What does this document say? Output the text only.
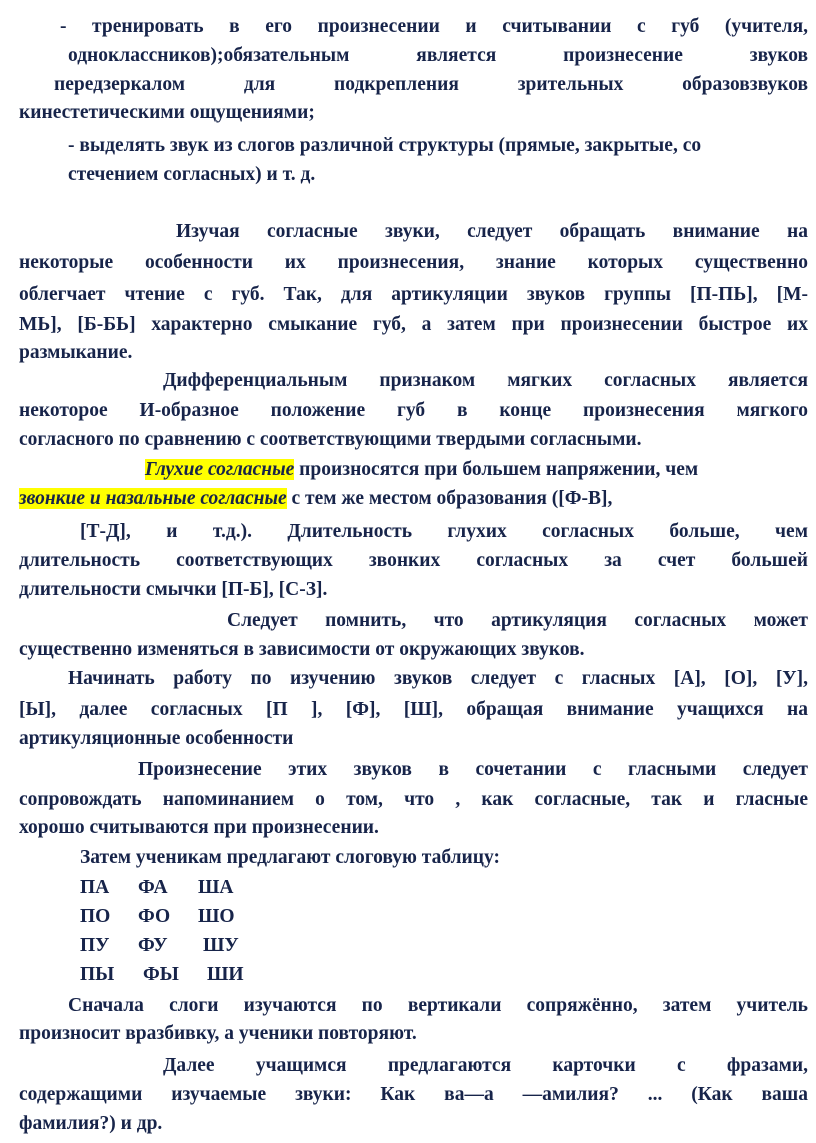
- тренировать в его произнесении и считывании с губ (учителя,
одноклассников);обязательным является произнесение звуков
передзеркалом для подкрепления зрительных образовзвуков
кинестетическими ощущениями;
- выделять звук из слогов различной структуры (прямые, закрытые, со
стечением согласных) и т. д.
Изучая согласные звуки, следует обращать внимание на
некоторые особенности их произнесения, знание которых существенно
облегчает чтение с губ. Так, для артикуляции звуков группы [П-ПЬ], [М-
МЬ], [Б-БЬ] характерно смыкание губ, а затем при произнесении быстрое их
размыкание.
Дифференциальным признаком мягких согласных является
некоторое И-образное положение губ в конце произнесения мягкого
согласного по сравнению с соответствующими твердыми согласными.
Глухие согласные произносятся при большем напряжении, чем
звонкие и назальные согласные с тем же местом образования ([Ф-В],
[Т-Д], и т.д.). Длительность глухих согласных больше, чем
длительность соответствующих звонких согласных за счет большей
длительности смычки [П-Б], [С-З].
Следует помнить, что артикуляция согласных может
существенно изменяться в зависимости от окружающих звуков.
Начинать работу по изучению звуков следует с гласных [А], [О], [У],
[Ы], далее согласных [П ], [Ф], [Ш], обращая внимание учащихся на
артикуляционные особенности
Произнесение этих звуков в сочетании с гласными следует
сопровождать напоминанием о том, что , как согласные, так и гласные
хорошо считываются при произнесении.
Затем ученикам предлагают слоговую таблицу:
ПА ФА ША
ПО ФО ШО
ПУ ФУ ШУ
ПЫ ФЫ ШИ
Сначала слоги изучаются по вертикали сопряжённо, затем учитель
произносит вразбивку, а ученики повторяют.
Далее учащимся предлагаются карточки с фразами,
содержащими изучаемые звуки: Как ва—а —амилия? ... (Как ваша
фамилия?) и др.
